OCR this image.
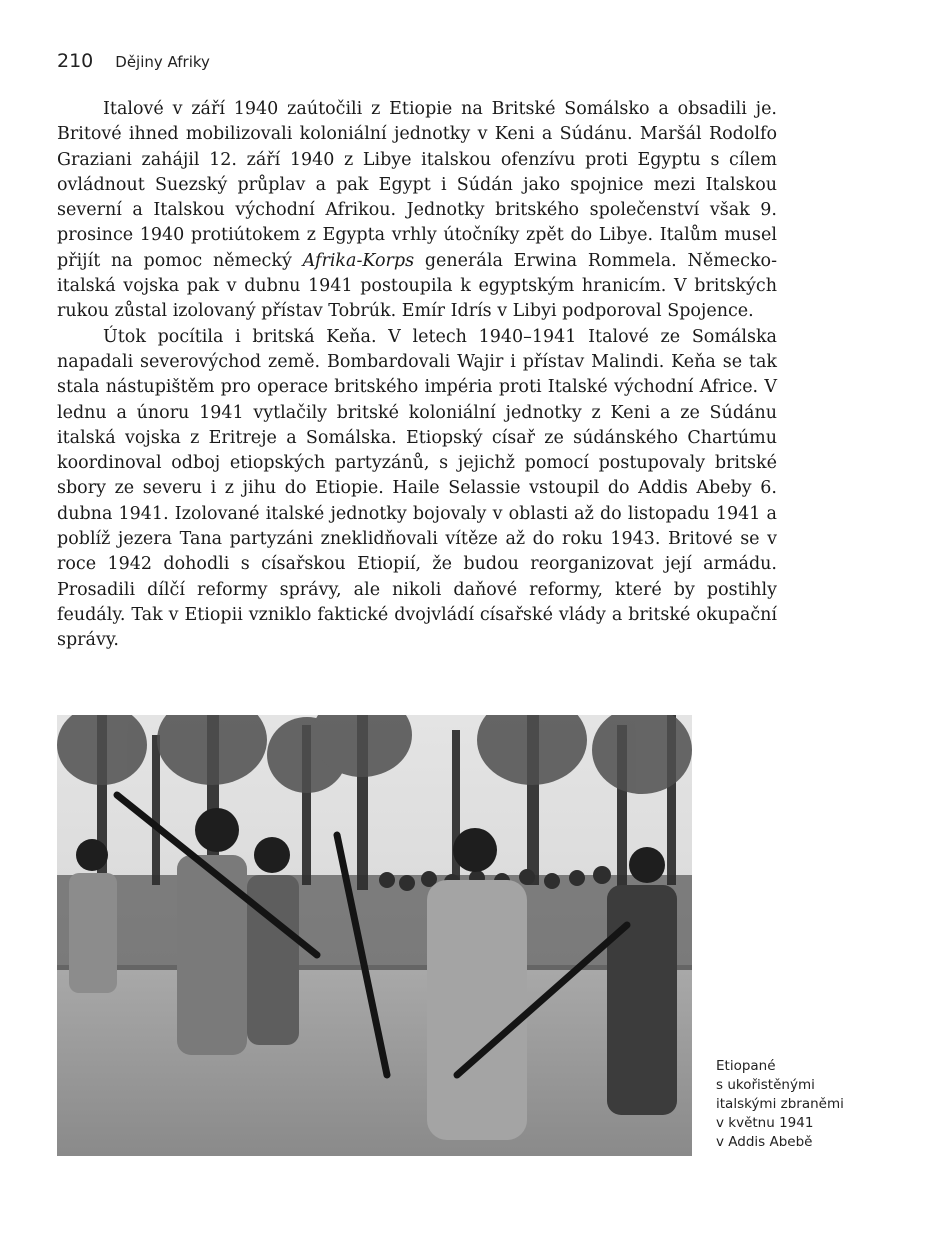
210 Dějiny Afriky

Italové v září 1940 zaútočili z Etiopie na Britské Somálsko a obsadili je. Britové ihned mobilizovali koloniální jednotky v Keni a Súdánu. Maršál Rodolfo Graziani zahájil 12. září 1940 z Libye italskou ofenzívu proti Egyptu s cílem ovládnout Suezský průplav a pak Egypt i Súdán jako spojnice mezi Italskou severní a Italskou východní Afrikou. Jednotky britského společenství však 9. prosince 1940 protiútokem z Egypta vrhly útočníky zpět do Libye. Italům musel přijít na pomoc německý Afrika-Korps generála Erwina Rommela. Německo-italská vojska pak v dubnu 1941 postoupila k egyptským hranicím. V britských rukou zůstal izolovaný přístav Tobrúk. Emír Idrís v Libyi podporoval Spojence.

Útok pocítila i britská Keňa. V letech 1940–1941 Italové ze Somálska napadali severovýchod země. Bombardovali Wajir i přístav Malindi. Keňa se tak stala nástupištěm pro operace britského impéria proti Italské východní Africe. V lednu a únoru 1941 vytlačily britské koloniální jednotky z Keni a ze Súdánu italská vojska z Eritreje a Somálska. Etiopský císař ze súdánského Chartúmu koordinoval odboj etiopských partyzánů, s jejichž pomocí postupovaly britské sbory ze severu i z jihu do Etiopie. Haile Selassie vstoupil do Addis Abeby 6. dubna 1941. Izolované italské jednotky bojovaly v oblasti až do listopadu 1941 a poblíž jezera Tana partyzáni zneklidňovali vítěze až do roku 1943. Britové se v roce 1942 dohodli s císařskou Etiopií, že budou reorganizovat její armádu. Prosadili dílčí reformy správy, ale nikoli daňové reformy, které by postihly feudály. Tak v Etiopii vzniklo faktické dvojvládí císařské vlády a britské okupační správy.

Etiopané
s ukořistěnými
italskými zbraněmi
v květnu 1941
v Addis Abebě
